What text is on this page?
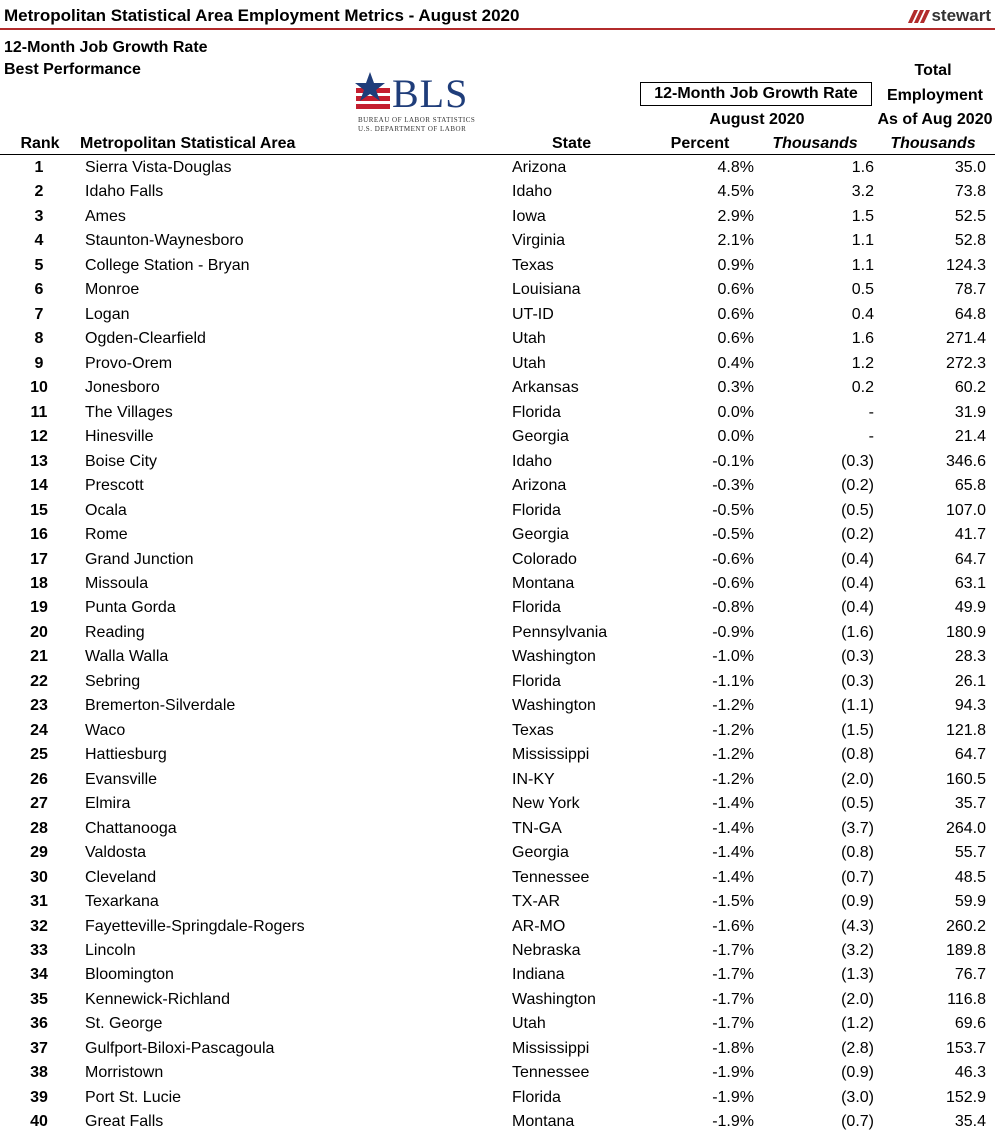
Metropolitan Statistical Area Employment Metrics - August 2020	stewart
12-Month Job Growth Rate
Best Performance
BLS
BUREAU OF LABOR STATISTICS
U.S. DEPARTMENT OF LABOR
12-Month Job Growth Rate
August 2020
Total
Employment
As of Aug 2020
Rank	Metropolitan Statistical Area	State	Percent	Thousands	Thousands
1	Sierra Vista-Douglas	Arizona	4.8%	1.6	35.0
2	Idaho Falls	Idaho	4.5%	3.2	73.8
3	Ames	Iowa	2.9%	1.5	52.5
4	Staunton-Waynesboro	Virginia	2.1%	1.1	52.8
5	College Station - Bryan	Texas	0.9%	1.1	124.3
6	Monroe	Louisiana	0.6%	0.5	78.7
7	Logan	UT-ID	0.6%	0.4	64.8
8	Ogden-Clearfield	Utah	0.6%	1.6	271.4
9	Provo-Orem	Utah	0.4%	1.2	272.3
10	Jonesboro	Arkansas	0.3%	0.2	60.2
11	The Villages	Florida	0.0%	-	31.9
12	Hinesville	Georgia	0.0%	-	21.4
13	Boise City	Idaho	-0.1%	(0.3)	346.6
14	Prescott	Arizona	-0.3%	(0.2)	65.8
15	Ocala	Florida	-0.5%	(0.5)	107.0
16	Rome	Georgia	-0.5%	(0.2)	41.7
17	Grand Junction	Colorado	-0.6%	(0.4)	64.7
18	Missoula	Montana	-0.6%	(0.4)	63.1
19	Punta Gorda	Florida	-0.8%	(0.4)	49.9
20	Reading	Pennsylvania	-0.9%	(1.6)	180.9
21	Walla Walla	Washington	-1.0%	(0.3)	28.3
22	Sebring	Florida	-1.1%	(0.3)	26.1
23	Bremerton-Silverdale	Washington	-1.2%	(1.1)	94.3
24	Waco	Texas	-1.2%	(1.5)	121.8
25	Hattiesburg	Mississippi	-1.2%	(0.8)	64.7
26	Evansville	IN-KY	-1.2%	(2.0)	160.5
27	Elmira	New York	-1.4%	(0.5)	35.7
28	Chattanooga	TN-GA	-1.4%	(3.7)	264.0
29	Valdosta	Georgia	-1.4%	(0.8)	55.7
30	Cleveland	Tennessee	-1.4%	(0.7)	48.5
31	Texarkana	TX-AR	-1.5%	(0.9)	59.9
32	Fayetteville-Springdale-Rogers	AR-MO	-1.6%	(4.3)	260.2
33	Lincoln	Nebraska	-1.7%	(3.2)	189.8
34	Bloomington	Indiana	-1.7%	(1.3)	76.7
35	Kennewick-Richland	Washington	-1.7%	(2.0)	116.8
36	St. George	Utah	-1.7%	(1.2)	69.6
37	Gulfport-Biloxi-Pascagoula	Mississippi	-1.8%	(2.8)	153.7
38	Morristown	Tennessee	-1.9%	(0.9)	46.3
39	Port St. Lucie	Florida	-1.9%	(3.0)	152.9
40	Great Falls	Montana	-1.9%	(0.7)	35.4
